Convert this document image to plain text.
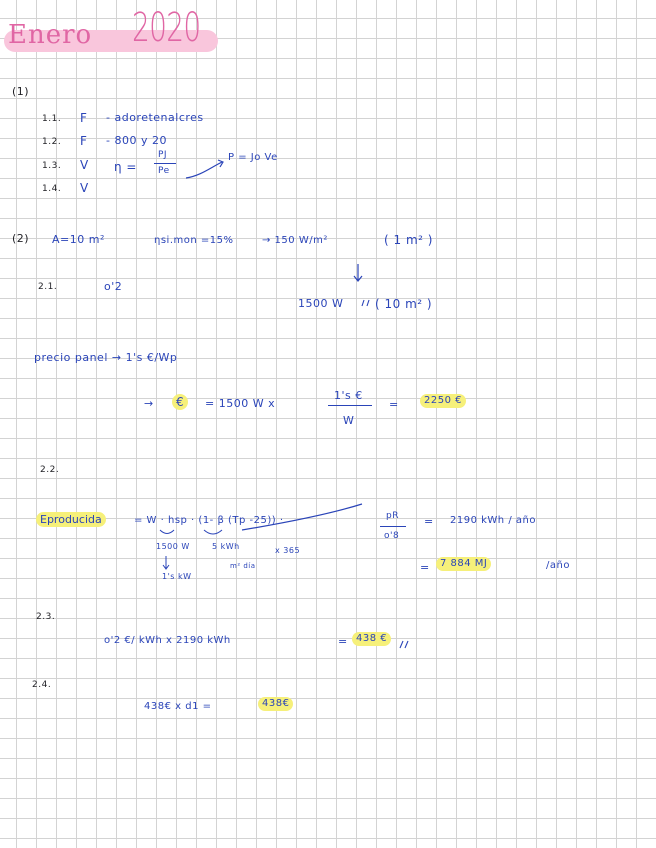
Enero 2020
(1)
1.1. F - adoretenalcres
1.2. F - 800 y 20
1.3. V η =
PJ
Pe
P = Jo Ve
1.4. V
(2) A=10 m²	ηsi.mon =15%	→ 150 W/m²	( 1 m² )
2.1.	o'2
1500 W	( 10 m² )
precio panel → 1's €/Wp
→	€	= 1500 W x
1's €
W
=	2250 €
2.2.
Eproducida	= W · hsp · (1- β (Tp -25)) ·	pR
o'8
= 2190 kWh / año
1500 W
1's kW
5 kWh
m² día
x 365
=	7 884 MJ	/año
2.3.
o'2 €/ kWh x 2190 kWh	= 438 €
2.4.
438€ x d1 =	438€
